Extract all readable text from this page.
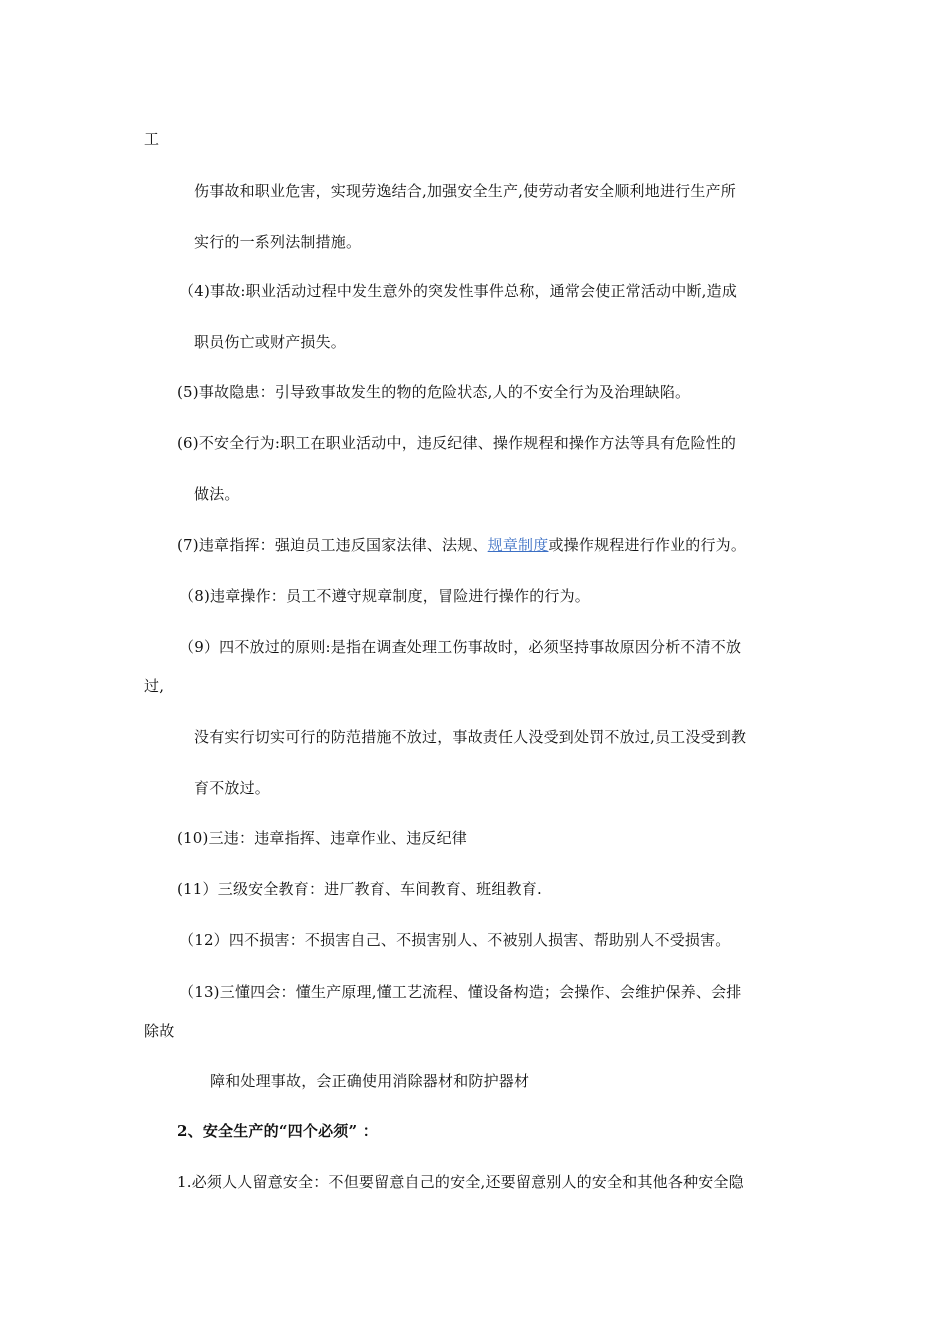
工
伤事故和职业危害，实现劳逸结合,加强安全生产,使劳动者安全顺利地进行生产所
实行的一系列法制措施。
（4)事故:职业活动过程中发生意外的突发性事件总称，通常会使正常活动中断,造成
职员伤亡或财产损失。
(5)事故隐患：引导致事故发生的物的危险状态,人的不安全行为及治理缺陷。
(6)不安全行为:职工在职业活动中，违反纪律、操作规程和操作方法等具有危险性的
做法。
(7)违章指挥：强迫员工违反国家法律、法规、规章制度或操作规程进行作业的行为。
（8)违章操作：员工不遵守规章制度，冒险进行操作的行为。
（9）四不放过的原则:是指在调查处理工伤事故时，必须坚持事故原因分析不清不放
过,
没有实行切实可行的防范措施不放过，事故责任人没受到处罚不放过,员工没受到教
育不放过。
(10)三违：违章指挥、违章作业、违反纪律
(11）三级安全教育：进厂教育、车间教育、班组教育.
（12）四不损害：不损害自己、不损害别人、不被别人损害、帮助别人不受损害。
（13)三懂四会：懂生产原理,懂工艺流程、懂设备构造；会操作、会维护保养、会排
除故
障和处理事故，会正确使用消除器材和防护器材
2、安全生产的“四个必须” ：
1.必须人人留意安全：不但要留意自己的安全,还要留意别人的安全和其他各种安全隐
